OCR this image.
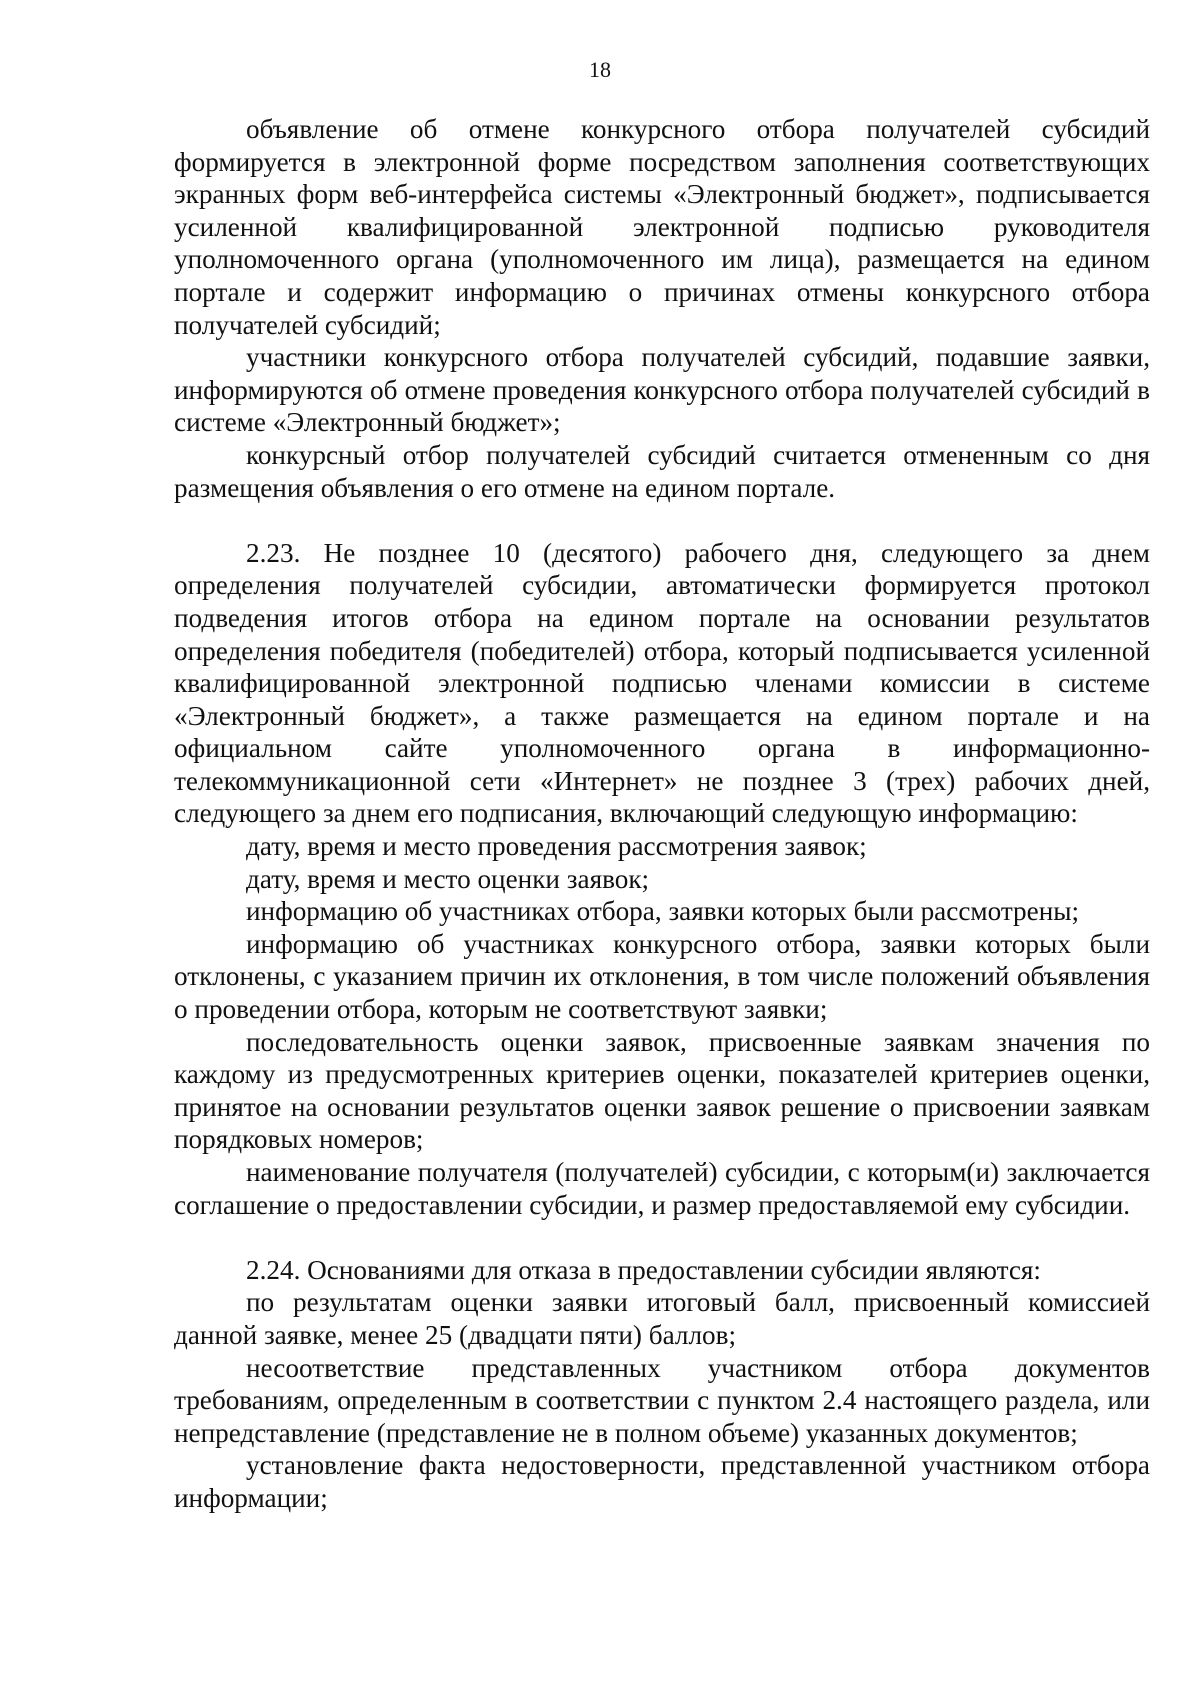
18

объявление об отмене конкурсного отбора получателей субсидий формируется в электронной форме посредством заполнения соответствующих экранных форм веб-интерфейса системы «Электронный бюджет», подписывается усиленной квалифицированной электронной подписью руководителя уполномоченного органа (уполномоченного им лица), размещается на едином портале и содержит информацию о причинах отмены конкурсного отбора получателей субсидий;

участники конкурсного отбора получателей субсидий, подавшие заявки, информируются об отмене проведения конкурсного отбора получателей субсидий в системе «Электронный бюджет»;

конкурсный отбор получателей субсидий считается отмененным со дня размещения объявления о его отмене на едином портале.

2.23. Не позднее 10 (десятого) рабочего дня, следующего за днем определения получателей субсидии, автоматически формируется протокол подведения итогов отбора на едином портале на основании результатов определения победителя (победителей) отбора, который подписывается усиленной квалифицированной электронной подписью членами комиссии в системе «Электронный бюджет», а также размещается на едином портале и на официальном сайте уполномоченного органа в информационно-телекоммуникационной сети «Интернет» не позднее 3 (трех) рабочих дней, следующего за днем его подписания, включающий следующую информацию:

дату, время и место проведения рассмотрения заявок;

дату, время и место оценки заявок;

информацию об участниках отбора, заявки которых были рассмотрены;

информацию об участниках конкурсного отбора, заявки которых были отклонены, с указанием причин их отклонения, в том числе положений объявления о проведении отбора, которым не соответствуют заявки;

последовательность оценки заявок, присвоенные заявкам значения по каждому из предусмотренных критериев оценки, показателей критериев оценки, принятое на основании результатов оценки заявок решение о присвоении заявкам порядковых номеров;

наименование получателя (получателей) субсидии, с которым(и) заключается соглашение о предоставлении субсидии, и размер предоставляемой ему субсидии.

2.24. Основаниями для отказа в предоставлении субсидии являются:

по результатам оценки заявки итоговый балл, присвоенный комиссией данной заявке, менее 25 (двадцати пяти) баллов;

несоответствие представленных участником отбора документов требованиям, определенным в соответствии с пунктом 2.4 настоящего раздела, или непредставление (представление не в полном объеме) указанных документов;

установление факта недостоверности, представленной участником отбора информации;
